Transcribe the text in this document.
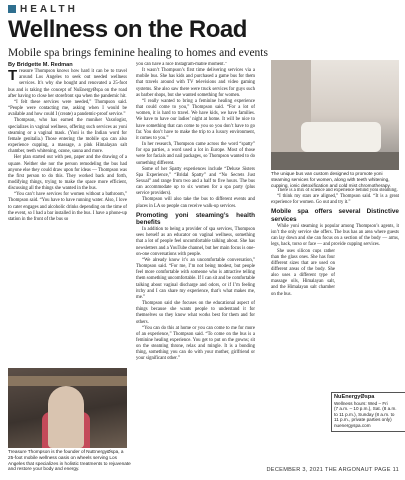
HEALTH
Wellness on the Road
Mobile spa brings feminine healing to homes and events

By Bridgette M. Redman

Treasure Thompson knows how hard it can be to travel around Los Angeles to seek out needed wellness services. It's why she bought and renovated a 25-foot bus and is taking the concept of NuEnergyØspa on the road after having to close her storefront spa when the pandemic hit.

“I felt these services were needed,” Thompson said. “People were contacting me, asking when I would be available and how could I (create) a pandemic-proof service.”

Thompson, who has earned the moniker Vaxologist, specializes in vaginal wellness, offering such services as yoni steaming or a vaginal mask. (Yoni is the Indian word for female genitalia.) Those entering the mobile spa can also experience cupping, a massage, a pink Himalayan salt chamber, teeth whitening, ozone, sauna and more.

Her plan started out with pen, paper and the drawing of a square. Neither she nor the person remodeling the bus had anyone else they could draw upon for ideas — Thompson was the first person to do this. They worked back and forth, modifying things, trying to make the space more efficient, discussing all the things she wanted in the bus.

“You can’t have services for women without a bathroom,” Thompson said. “You have to have running water. Also, I love to cater engages and alcoholic drinks depending on the time of the event, so I had a bar installed in the bus. I have a phone-up station in the front of the bus so

Treasure Thompson is the founder of NuEnergyØspa, a 25-foot mobile wellness oasis on wheels serving Los Angeles that specializes in holistic treatments to rejuvenate and restore your body and energy.

you can have a nice Instagram-mable moment.”

It wasn’t Thompson’s first time delivering services via a mobile bus. She has kids and purchased a game bus for them that travels around with TV televisions and video gaming systems. She also saw there were truck services for guys such as barber shops, but she wanted something for women.

“I really wanted to bring a feminine healing experience that could come to you,” Thompson said. “For a lot of women, it is hard to travel. We have kids, we have families. We have to have our ladies’ night at home. It will be nice to have something that can come to you so you don’t have to go far. You don’t have to make the trip to a luxury environment, it comes to you.”

In her research, Thompson came across the word “spatty” for spa parties, a word used a lot in Europe. Most of those were for facials and nail packages, so Thompson wanted to do something different.

Some of her Spatty experiences include “Deluxe Sisters Spa Experience,” “Bridal Spatty” and “No Secrets Just Sexual” and range from two and a half to five hours. The bus can accommodate up to six women for a spa party (plus service providers).

Thompson will also take the bus to different events and places in LA so people can receive walk-up services.

Promoting yoni steaming’s health benefits

In addition to being a provider of spa services, Thompson sees herself as an educator on vaginal wellness, something that a lot of people feel uncomfortable talking about. She has newsletters and a YouTube channel, but her main focus is one-on-one conversations with people.

“We already know it’s an uncomfortable conversation,” Thompson said. “For me, I’m not being modest, but people feel more comfortable with someone who is attractive telling them something uncomfortable. If I can sit and be comfortable talking about vaginal discharge and odors, or if I’m feeling itchy and I can share my experience, that’s what makes me, me.”

Thompson said she focuses on the educational aspect of things because she wants people to understand it for themselves so they know what works best for them and for others.

“You can do this at home or you can come to me for more of an experience,” Thompson said. “To come on the bus is a feminine healing experience. You get to put on the gowns; sit on the steaming throne, relax and mingle. It is a bonding thing, something you can do with your mother, girlfriend or your significant other.”

The unique bus van custom designed to promote yoni steaming services for women, along with teeth whitening, cupping, ionic detoxification and cold mist chromotherapy.

There is a mix of science and experience behind yoni steaming.

“I think my stars are aligned,” Thompson said. “It is a great experience for women. Go out and try it.”

Mobile spa offers several Distinctive services

While yoni steaming is popular among Thompson’s agents, it isn’t the only service she offers. The bus has an area where guests can lay down and she can focus on a section of the body — arms, legs, back, torso or face — and provide cupping services.

She uses silicon cups rather than the glass ones. She has four different sizes that are used on different areas of the body. She also uses a different type of massage oils, Himalayan salt, and the Himalayan salt chamber on the bus.

NuEnergyØspa
Wellness hours: Wed – Fri
(7 a.m. – 10 p.m.), Sat. (8 a.m.
to 11 p.m.), Sunday (8 a.m. to
11 p.m., private parties only)
nuenergyspa.com
DECEMBER 3, 2021 THE ARGONAUT PAGE 11
